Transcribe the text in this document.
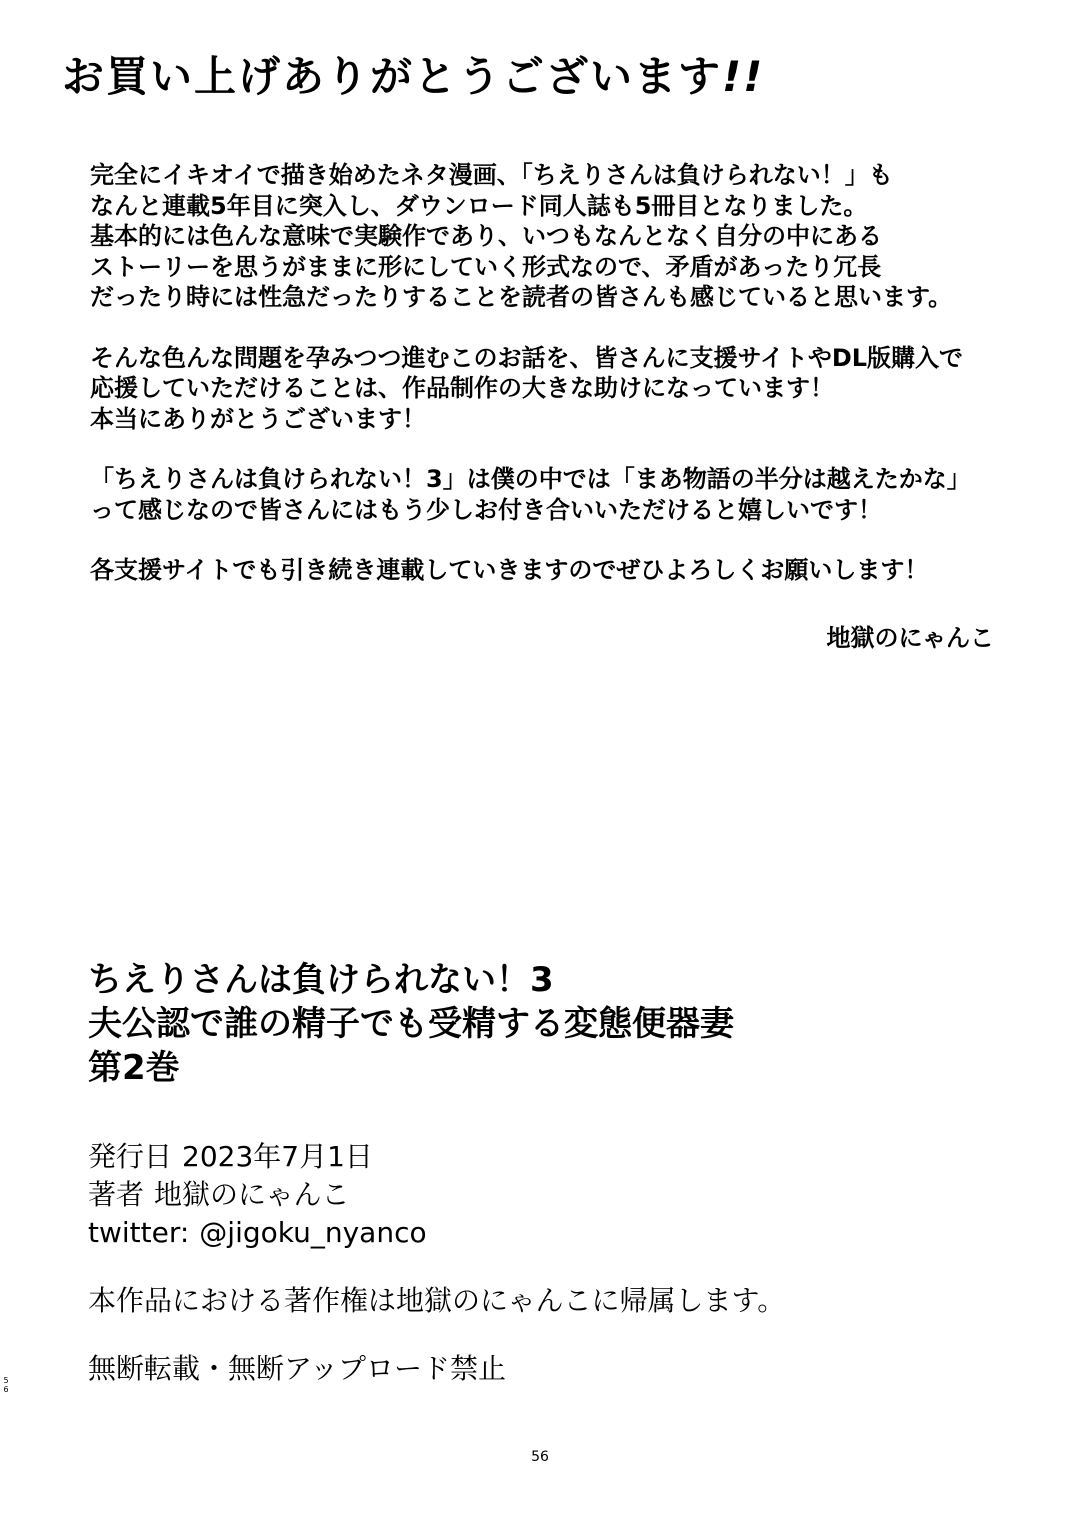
お買い上げありがとうございます!!
完全にイキオイで描き始めたネタ漫画、「ちえりさんは負けられない！」も
なんと連載5年目に突入し、ダウンロード同人誌も5冊目となりました。
基本的には色んな意味で実験作であり、いつもなんとなく自分の中にある
ストーリーを思うがままに形にしていく形式なので、矛盾があったり冗長
だったり時には性急だったりすることを読者の皆さんも感じていると思います。
そんな色んな問題を孕みつつ進むこのお話を、皆さんに支援サイトやDL版購入で
応援していただけることは、作品制作の大きな助けになっています！
本当にありがとうございます！
「ちえりさんは負けられない！3」は僕の中では「まあ物語の半分は越えたかな」
って感じなので皆さんにはもう少しお付き合いいただけると嬉しいです！
各支援サイトでも引き続き連載していきますのでぜひよろしくお願いします！
地獄のにゃんこ
ちえりさんは負けられない！3
夫公認で誰の精子でも受精する変態便器妻
第2巻
発行日 2023年7月1日
著者 地獄のにゃんこ
twitter: @jigoku_nyanco
本作品における著作権は地獄のにゃんこに帰属します。
無断転載・無断アップロード禁止
56
56
